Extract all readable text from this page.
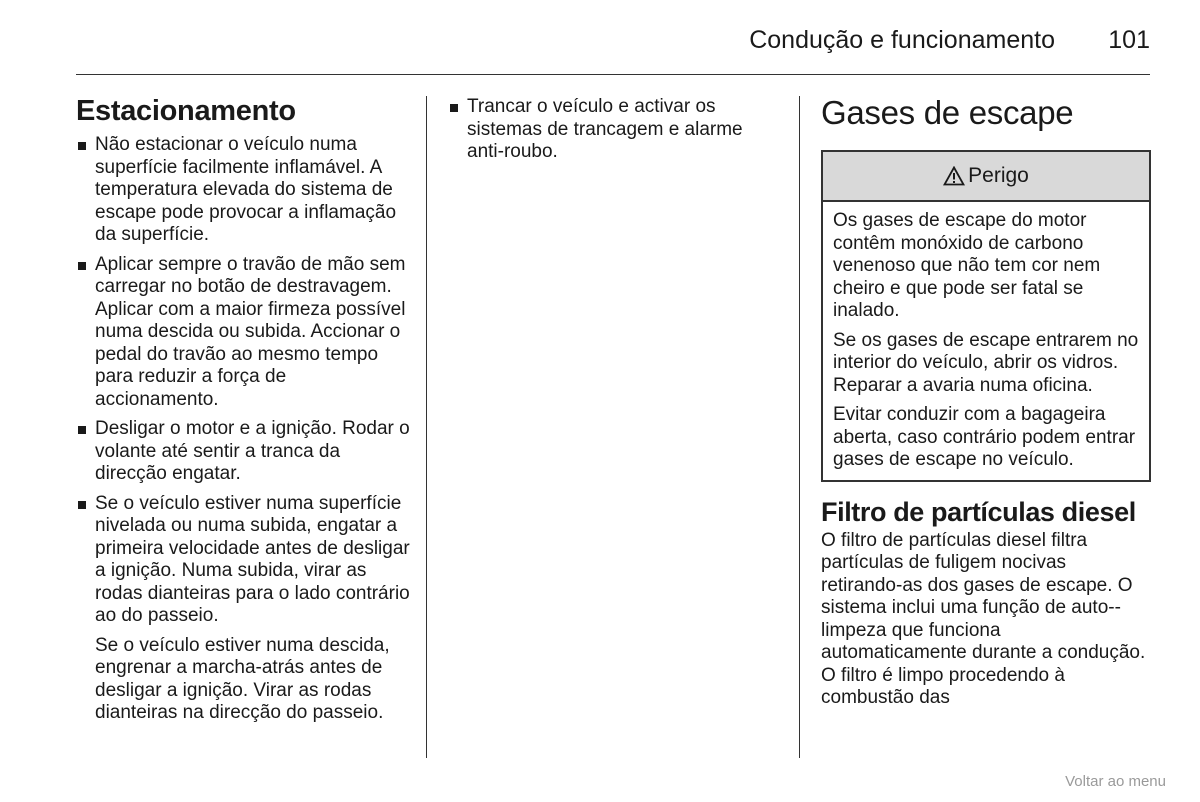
Condução e funcionamento	101
Estacionamento
Não estacionar o veículo numa superfície facilmente inflamável. A temperatura elevada do sistema de escape pode provocar a inflamação da superfície.
Aplicar sempre o travão de mão sem carregar no botão de destravagem. Aplicar com a maior firmeza possível numa descida ou subida. Accionar o pedal do travão ao mesmo tempo para reduzir a força de accionamento.
Desligar o motor e a ignição. Rodar o volante até sentir a tranca da direcção engatar.
Se o veículo estiver numa superfície nivelada ou numa subida, engatar a primeira velocidade antes de desligar a ignição. Numa subida, virar as rodas dianteiras para o lado contrário ao do passeio.

Se o veículo estiver numa descida, engrenar a marcha-atrás antes de desligar a ignição. Virar as rodas dianteiras na direcção do passeio.

Trancar o veículo e activar os sistemas de trancagem e alarme anti-roubo.
Gases de escape
Perigo

Os gases de escape do motor contêm monóxido de carbono venenoso que não tem cor nem cheiro e que pode ser fatal se inalado.

Se os gases de escape entrarem no interior do veículo, abrir os vidros. Reparar a avaria numa oficina.

Evitar conduzir com a bagageira aberta, caso contrário podem entrar gases de escape no veículo.

Filtro de partículas diesel

O filtro de partículas diesel filtra partículas de fuligem nocivas retirando-as dos gases de escape. O sistema inclui uma função de auto--limpeza que funciona automaticamente durante a condução. O filtro é limpo procedendo à combustão das

Voltar ao menu
